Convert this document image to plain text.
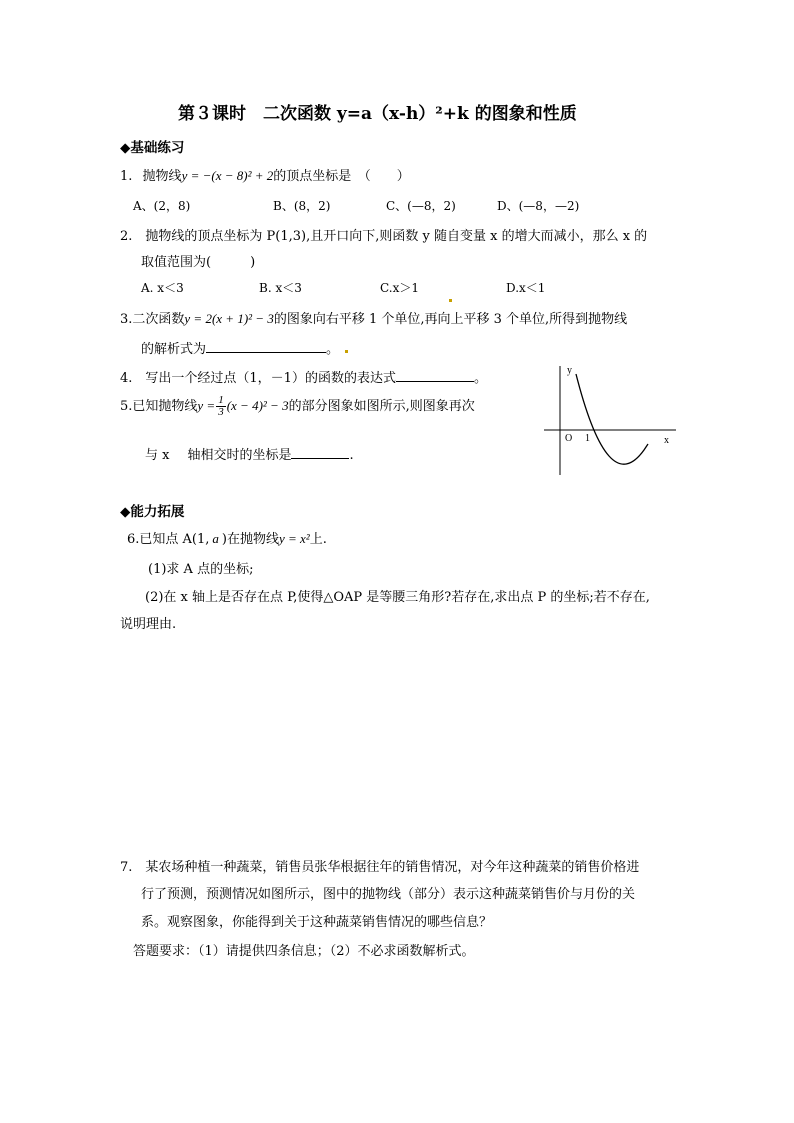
第３课时　二次函数 y=a（x-h）²+k 的图象和性质
◆基础练习
1. 抛物线y = −(x − 8)² + 2的顶点坐标是　（　　）
A、(2，8)	B、(8，2)	C、(—8，2)	D、(—8，—2)
2.　抛物线的顶点坐标为 P(1,3),且开口向下,则函数 y 随自变量 x 的增大而减小，那么 x 的
取值范围为(　　　)
A. x＜3	B. x＜3	C.x＞1	D.x＜1
3.二次函数y = 2(x + 1)² − 3的图象向右平移 1 个单位,再向上平移 3 个单位,所得到抛物线
的解析式为	。
4.　写出一个经过点（1，－1）的函数的表达式	。
5.已知抛物线$y = \frac{1}{3} (x - 4)^2 - 3$的部分图象如图所示,则图象再次
与 x 轴相交时的坐标是	.
y
x
O 1
◆能力拓展
6.已知点 A(1, a )在抛物线y = x²上.
(1)求 A 点的坐标;
(2)在 x 轴上是否存在点 P,使得△OAP 是等腰三角形?若存在,求出点 P 的坐标;若不存在,
说明理由.
7.　某农场种植一种蔬菜，销售员张华根据往年的销售情况，对今年这种蔬菜的销售价格进
行了预测，预测情况如图所示，图中的抛物线（部分）表示这种蔬菜销售价与月份的关
系。观察图象，你能得到关于这种蔬菜销售情况的哪些信息？
答题要求：（1）请提供四条信息；（2）不必求函数解析式。
